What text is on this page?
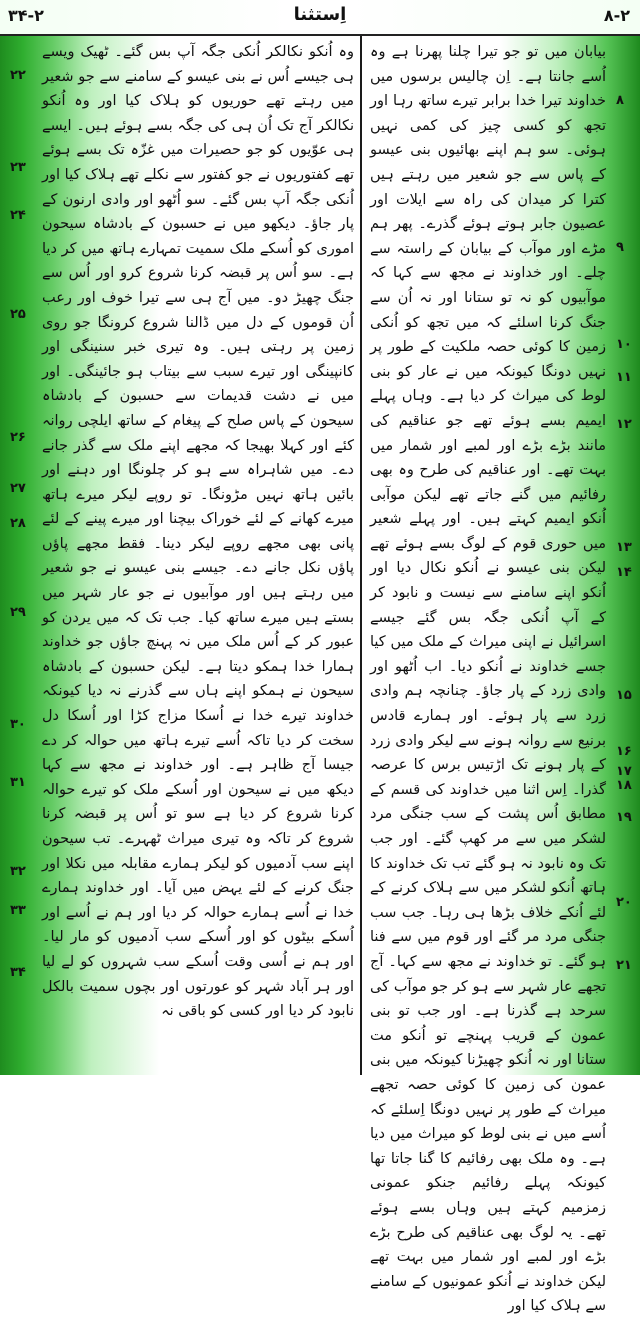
۳۴-۲	اِستثنا	۸-۲
وہ اُنکو نکالکر اُنکی جگہ آپ بس گئے۔ ٹھیک ویسے ہی جیسے اُس نے بنی عیسو کے سامنے سے جو شعیر میں رہتے تھے حوریوں کو ہلاک کیا اور وہ اُنکو نکالکر آج تک اُن ہی کی جگہ بسے ہوئے ہیں۔ ایسے ہی عوّیوں کو جو حصیرات میں غزّہ تک بسے ہوئے تھے کفتوریوں نے جو کفتور سے نکلے تھے ہلاک کیا اور اُنکی جگہ آپ بس گئے۔ سو اُٹھو اور وادی ارنون کے پار جاؤ۔ دیکھو میں نے حسبون کے بادشاہ سیحون اموری کو اُسکے ملک سمیت تمہارے ہاتھ میں کر دیا ہے۔ سو اُس پر قبضہ کرنا شروع کرو اور اُس سے جنگ چھیڑ دو۔ میں آج ہی سے تیرا خوف اور رعب اُن قوموں کے دل میں ڈالنا شروع کرونگا جو روی زمین پر رہتی ہیں۔ وہ تیری خبر سنینگی اور کانپینگی اور تیرے سبب سے بیتاب ہو جائینگی۔ اور میں نے دشت قدیمات سے حسبون کے بادشاہ سیحون کے پاس صلح کے پیغام کے ساتھ ایلچی روانہ کئے اور کہلا بھیجا کہ مجھے اپنے ملک سے گذر جانے دے۔ میں شاہراہ سے ہو کر چلونگا اور دہنے اور بائیں ہاتھ نہیں مڑونگا۔ تو روپے لیکر میرے ہاتھ میرے کھانے کے لئے خوراک بیچنا اور میرے پینے کے لئے پانی بھی مجھے روپے لیکر دینا۔ فقط مجھے پاؤں پاؤں نکل جانے دے۔ جیسے بنی عیسو نے جو شعیر میں رہتے ہیں اور موآبیوں نے جو عار شہر میں بستے ہیں میرے ساتھ کیا۔ جب تک کہ میں یردن کو عبور کر کے اُس ملک میں نہ پہنچ جاؤں جو خداوند ہمارا خدا ہمکو دیتا ہے۔ لیکن حسبون کے بادشاہ سیحون نے ہمکو اپنے ہاں سے گذرنے نہ دیا کیونکہ خداوند تیرے خدا نے اُسکا مزاج کڑا اور اُسکا دل سخت کر دیا تاکہ اُسے تیرے ہاتھ میں حوالہ کر دے جیسا آج ظاہر ہے۔ اور خداوند نے مجھ سے کہا دیکھ میں نے سیحون اور اُسکے ملک کو تیرے حوالہ کرنا شروع کر دیا ہے سو تو اُس پر قبضہ کرنا شروع کر تاکہ وہ تیری میراث ٹھہرے۔ تب سیحون اپنے سب آدمیوں کو لیکر ہمارے مقابلہ میں نکلا اور جنگ کرنے کے لئے یہض میں آیا۔ اور خداوند ہمارے خدا نے اُسے ہمارے حوالہ کر دیا اور ہم نے اُسے اور اُسکے بیٹوں کو اور اُسکے سب آدمیوں کو مار لیا۔ اور ہم نے اُسی وقت اُسکے سب شہروں کو لے لیا اور ہر آباد شہر کو عورتوں اور بچوں سمیت بالکل نابود کر دیا اور کسی کو باقی نہ
بیابان میں تو جو تیرا چلنا پھرنا ہے وہ اُسے جانتا ہے۔ اِن چالیس برسوں میں خداوند تیرا خدا برابر تیرے ساتھ رہا اور تجھ کو کسی چیز کی کمی نہیں ہوئی۔ سو ہم اپنے بھائیوں بنی عیسو کے پاس سے جو شعیر میں رہتے ہیں کترا کر میدان کی راہ سے ایلات اور عصیون جابر ہوتے ہوئے گذرے۔ پھر ہم مڑے اور موآب کے بیابان کے راستہ سے چلے۔ اور خداوند نے مجھ سے کہا کہ موآبیوں کو نہ تو ستانا اور نہ اُن سے جنگ کرنا اسلئے کہ میں تجھ کو اُنکی زمین کا کوئی حصہ ملکیت کے طور پر نہیں دونگا کیونکہ میں نے عار کو بنی لوط کی میراث کر دیا ہے۔ وہاں پہلے ایمیم بسے ہوئے تھے جو عناقیم کی مانند بڑے بڑے اور لمبے اور شمار میں بہت تھے۔ اور عناقیم کی طرح وہ بھی رفائیم میں گنے جاتے تھے لیکن موآبی اُنکو ایمیم کہتے ہیں۔ اور پہلے شعیر میں حوری قوم کے لوگ بسے ہوئے تھے لیکن بنی عیسو نے اُنکو نکال دیا اور اُنکو اپنے سامنے سے نیست و نابود کر کے آپ اُنکی جگہ بس گئے جیسے اسرائیل نے اپنی میراث کے ملک میں کیا جسے خداوند نے اُنکو دیا۔ اب اُٹھو اور وادی زرد کے پار جاؤ۔ چنانچہ ہم وادی زرد سے پار ہوئے۔ اور ہمارے قادس برنیع سے روانہ ہونے سے لیکر وادی زرد کے پار ہونے تک اڑتیس برس کا عرصہ گذرا۔ اِس اثنا میں خداوند کی قسم کے مطابق اُس پشت کے سب جنگی مرد لشکر میں سے مر کھپ گئے۔ اور جب تک وہ نابود نہ ہو گئے تب تک خداوند کا ہاتھ اُنکو لشکر میں سے ہلاک کرنے کے لئے اُنکے خلاف بڑھا ہی رہا۔ جب سب جنگی مرد مر گئے اور قوم میں سے فنا ہو گئے۔ تو خداوند نے مجھ سے کہا۔ آج تجھے عار شہر سے ہو کر جو موآب کی سرحد ہے گذرنا ہے۔ اور جب تو بنی عمون کے قریب پہنچے تو اُنکو مت ستانا اور نہ اُنکو چھیڑنا کیونکہ میں بنی عمون کی زمین کا کوئی حصہ تجھے میراث کے طور پر نہیں دونگا اِسلئے کہ اُسے میں نے بنی لوط کو میراث میں دیا ہے۔ وہ ملک بھی رفائیم کا گنا جاتا تھا کیونکہ پہلے رفائیم جنکو عمونی زمزمیم کہتے ہیں وہاں بسے ہوئے تھے۔ یہ لوگ بھی عناقیم کی طرح بڑے بڑے اور لمبے اور شمار میں بہت تھے لیکن خداوند نے اُنکو عمونیوں کے سامنے سے ہلاک کیا اور
۲۲
۲۳
۲۴
۲۵
۲۶
۲۷
۲۸
۲۹
۳۰
۳۱
۳۲
۳۳
۳۴
۸
۹
۱۰
۱۱
۱۲
۱۳
۱۴
۱۵
۱۶
۱۷
۱۸
۱۹
۲۰
۲۱
